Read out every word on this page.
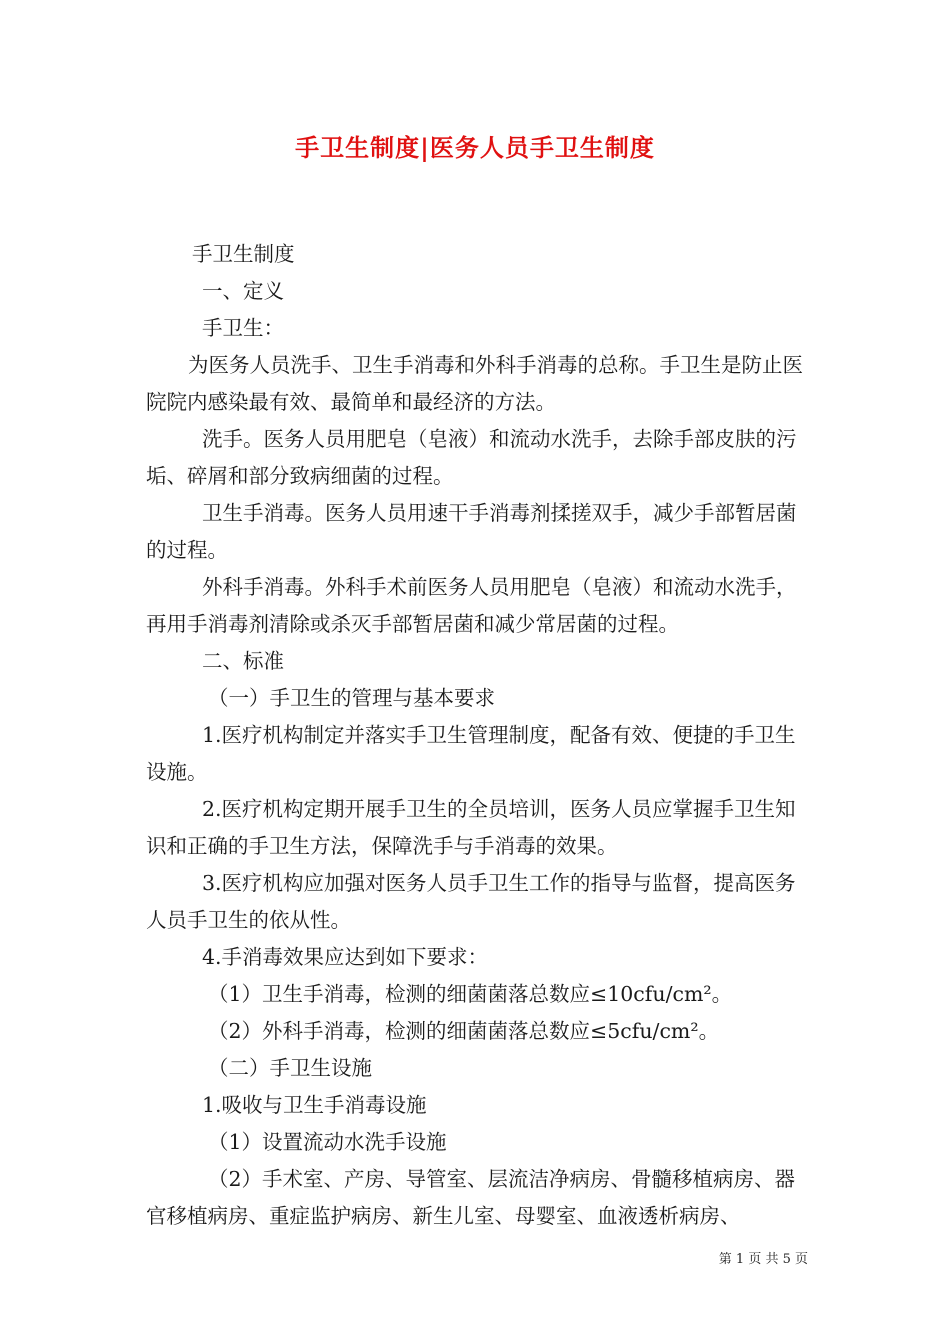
手卫生制度|医务人员手卫生制度

手卫生制度

一、定义

手卫生：

为医务人员洗手、卫生手消毒和外科手消毒的总称。手卫生是防止医院院内感染最有效、最简单和最经济的方法。

洗手。医务人员用肥皂（皂液）和流动水洗手，去除手部皮肤的污垢、碎屑和部分致病细菌的过程。

卫生手消毒。医务人员用速干手消毒剂揉搓双手，减少手部暂居菌的过程。

外科手消毒。外科手术前医务人员用肥皂（皂液）和流动水洗手，再用手消毒剂清除或杀灭手部暂居菌和减少常居菌的过程。

二、标准

（一）手卫生的管理与基本要求

1.医疗机构制定并落实手卫生管理制度，配备有效、便捷的手卫生设施。

2.医疗机构定期开展手卫生的全员培训，医务人员应掌握手卫生知识和正确的手卫生方法，保障洗手与手消毒的效果。

3.医疗机构应加强对医务人员手卫生工作的指导与监督，提高医务人员手卫生的依从性。

4.手消毒效果应达到如下要求：

（1）卫生手消毒，检测的细菌菌落总数应≤10cfu/cm²。

（2）外科手消毒，检测的细菌菌落总数应≤5cfu/cm²。

（二）手卫生设施

1.吸收与卫生手消毒设施

（1）设置流动水洗手设施

（2）手术室、产房、导管室、层流洁净病房、骨髓移植病房、器官移植病房、重症监护病房、新生儿室、母婴室、血液透析病房、

第 1 页 共 5 页
